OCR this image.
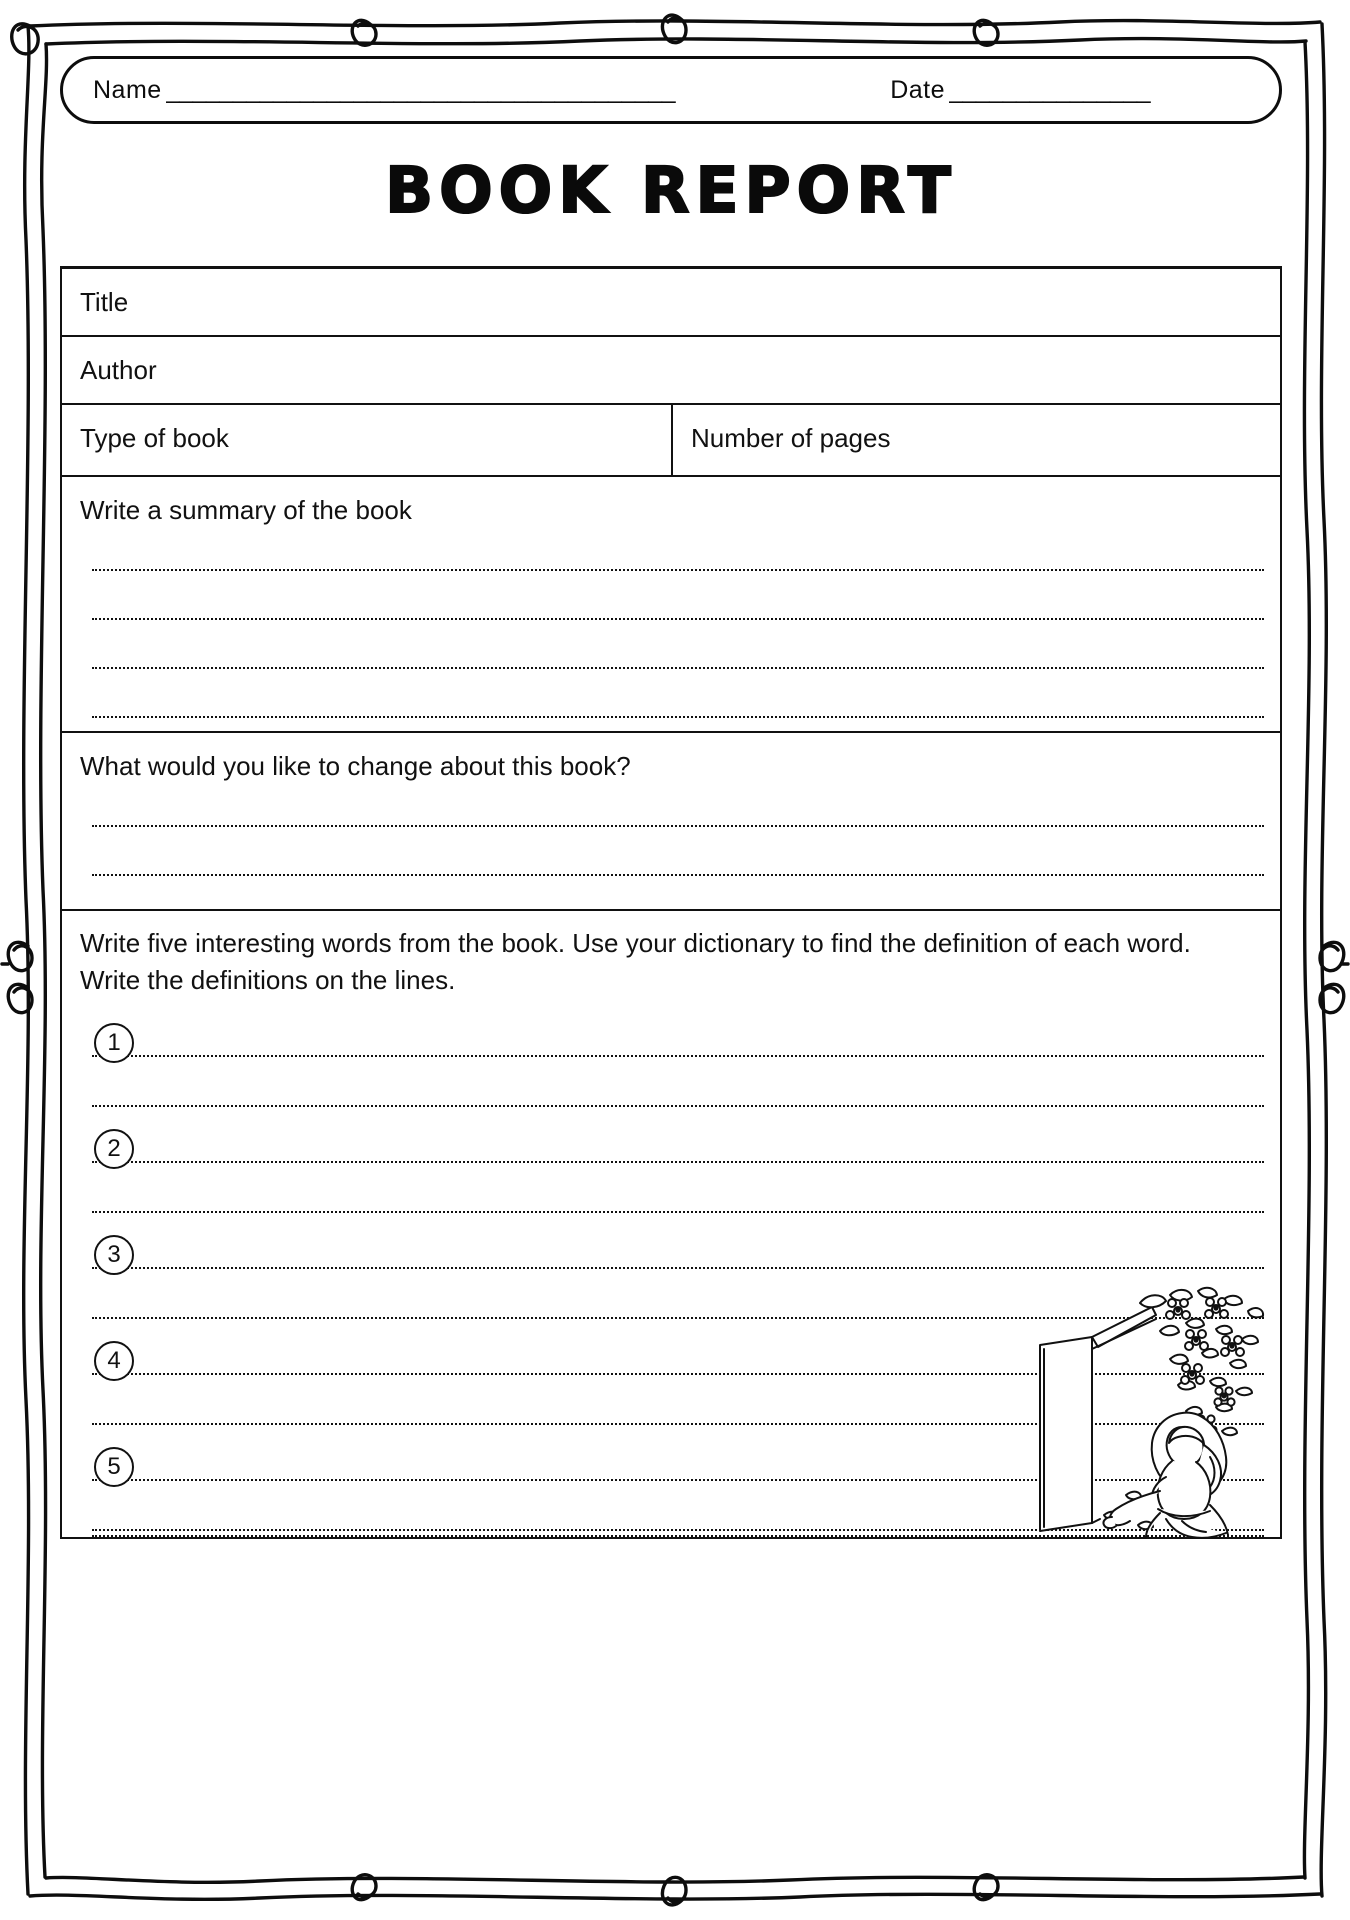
Name ______________________________________	Date _______________
BOOK REPORT
Title
Author
Type of book	Number of pages
Write a summary of the book
What would you like to change about this book?
Write five interesting words from the book. Use your dictionary to find the definition of each word.
Write the definitions on the lines.
1
2
3
4
5
